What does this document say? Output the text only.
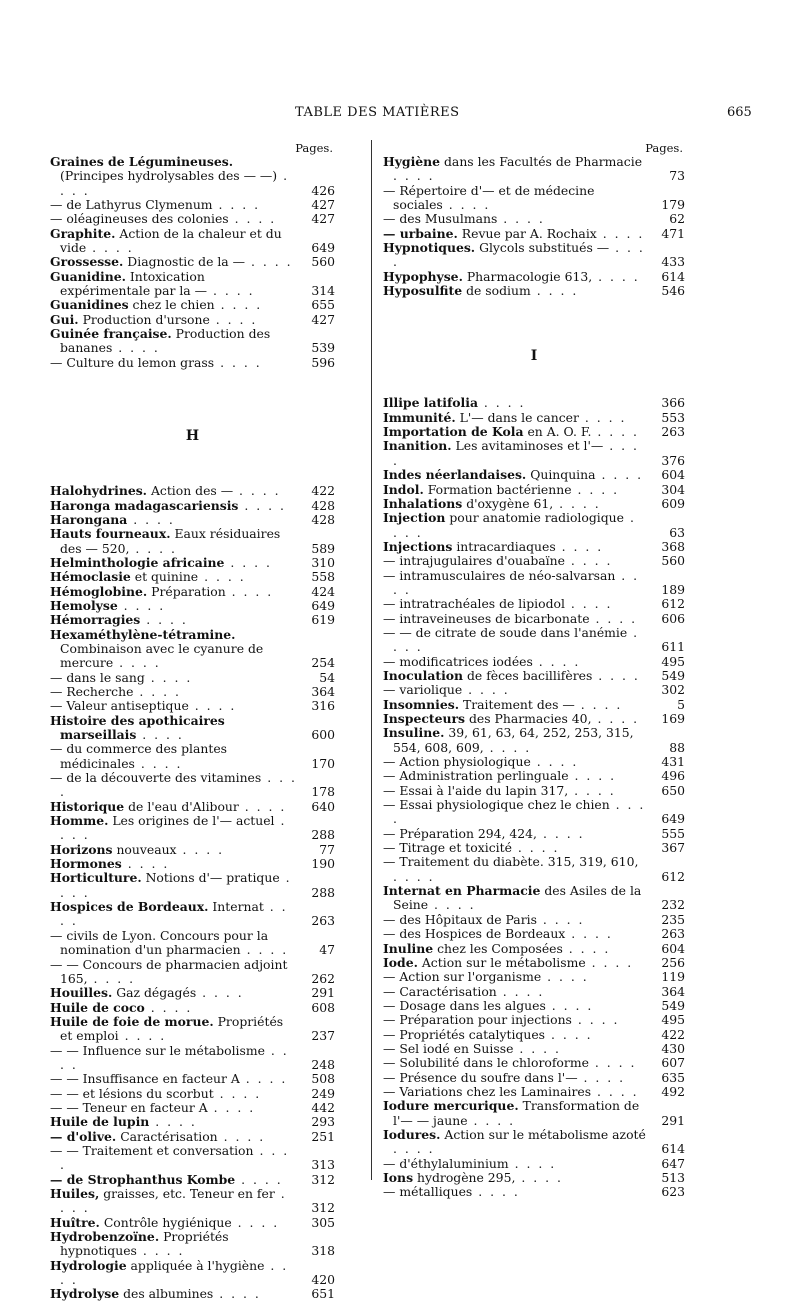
TABLE DES MATIÈRES	665
Pages.
Graines de Légumineuses. (Principes hydrolysables des — —) . . . .	426
— de Lathyrus Clymenum . . . .	427
— oléagineuses des colonies . . . .	427
Graphite. Action de la chaleur et du vide . . . .	649
Grossesse. Diagnostic de la — . . . . 560
Guanidine. Intoxication expérimentale par la — . . . .	314
Guanidines chez le chien . . . .	655
Gui. Production d'ursone . . . .	427
Guinée française. Production des bananes . . . .	539
— Culture du lemon grass . . . .	596
H
Halohydrines. Action des — . . . . 422
Haronga madagascariensis . . . . 428
Harongana . . . .	428
Hauts fourneaux. Eaux résiduaires des — 520, . . . .	589
Helminthologie africaine . . . .	310
Hémoclasie et quinine . . . .	558
Hémoglobine. Préparation . . . .	424
Hemolyse . . . .	649
Hémorragies . . . .	619
Hexaméthylène-tétramine. Combinaison avec le cyanure de mercure . . . .	254
— dans le sang . . . .	54
— Recherche . . . .	364
— Valeur antiseptique . . . .	316
Histoire des apothicaires marseillais . . . .	600
— du commerce des plantes médicinales . . . .	170
— de la découverte des vitamines . . . .	178
Historique de l'eau d'Alibour . . . . 640
Homme. Les origines de l'— actuel . . . .	288
Horizons nouveaux . . . .	77
Hormones . . . .	190
Horticulture. Notions d'— pratique . . . .	288
Hospices de Bordeaux. Internat . . . .	263
— civils de Lyon. Concours pour la nomination d'un pharmacien . . . .	47
— — Concours de pharmacien adjoint 165, . . . .	262
Houilles. Gaz dégagés . . . .	291
Huile de coco . . . .	608
Huile de foie de morue. Propriétés et emploi . . . .	237
— — Influence sur le métabolisme . . . .	248
— — Insuffisance en facteur A . . . . 508
— — et lésions du scorbut . . . .	249
— — Teneur en facteur A . . . .	442
Huile de lupin . . . .	293
— d'olive. Caractérisation . . . .	251
— — Traitement et conversation . . . .	313
— de Strophanthus Kombe . . . . 312
Huiles, graisses, etc. Teneur en fer . . . .	312
Huître. Contrôle hygiénique . . . .	305
Hydrobenzoïne. Propriétés hypnotiques . . . .	318
Hydrologie appliquée à l'hygiène . . . .	420
Hydrolyse des albumines . . . .	651
Pages.
Hygiène dans les Facultés de Pharmacie . . . .	73
— Répertoire d'— et de médecine sociales . . . .	179
— des Musulmans . . . .	62
— urbaine. Revue par A. Rochaix . . . . 471
Hypnotiques. Glycols substitués — . . . .	433
Hypophyse. Pharmacologie 613, . . . . 614
Hyposulfite de sodium . . . .	546
I
Illipe latifolia . . . .	366
Immunité. L'— dans le cancer . . . .	553
Importation de Kola en A. O. F. . . . . 263
Inanition. Les avitaminoses et l'— . . . .	376
Indes néerlandaises. Quinquina . . . . 604
Indol. Formation bactérienne . . . .	304
Inhalations d'oxygène 61, . . . .	609
Injection pour anatomie radiologique . . . .	63
Injections intracardiaques . . . .	368
— intrajugulaires d'ouabaïne . . . .	560
— intramusculaires de néo-salvarsan . . . .	189
— intratrachéales de lipiodol . . . .	612
— intraveineuses de bicarbonate . . . . 606
— — de citrate de soude dans l'anémie . . . .	611
— modificatrices iodées . . . .	495
Inoculation de fèces bacillifères . . . . 549
— variolique . . . .	302
Insomnies. Traitement des — . . . .	5
Inspecteurs des Pharmacies 40, . . . . 169
Insuline. 39, 61, 63, 64, 252, 253, 315, 554, 608, 609, . . . .	88
— Action physiologique . . . .	431
— Administration perlinguale . . . .	496
— Essai à l'aide du lapin 317, . . . .	650
— Essai physiologique chez le chien . . . .	649
— Préparation 294, 424, . . . .	555
— Titrage et toxicité . . . .	367
— Traitement du diabète. 315, 319, 610, . . . .	612
Internat en Pharmacie des Asiles de la Seine . . . .	232
— des Hôpitaux de Paris . . . .	235
— des Hospices de Bordeaux . . . .	263
Inuline chez les Composées . . . .	604
Iode. Action sur le métabolisme . . . . 256
— Action sur l'organisme . . . .	119
— Caractérisation . . . .	364
— Dosage dans les algues . . . .	549
— Préparation pour injections . . . .	495
— Propriétés catalytiques . . . .	422
— Sel iodé en Suisse . . . .	430
— Solubilité dans le chloroforme . . . . 607
— Présence du soufre dans l'— . . . .	635
— Variations chez les Laminaires . . . . 492
Iodure mercurique. Transformation de l'— — jaune . . . .	291
Iodures. Action sur le métabolisme azoté . . . .	614
— d'éthylaluminium . . . .	647
Ions hydrogène 295, . . . .	513
— métalliques . . . .	623
